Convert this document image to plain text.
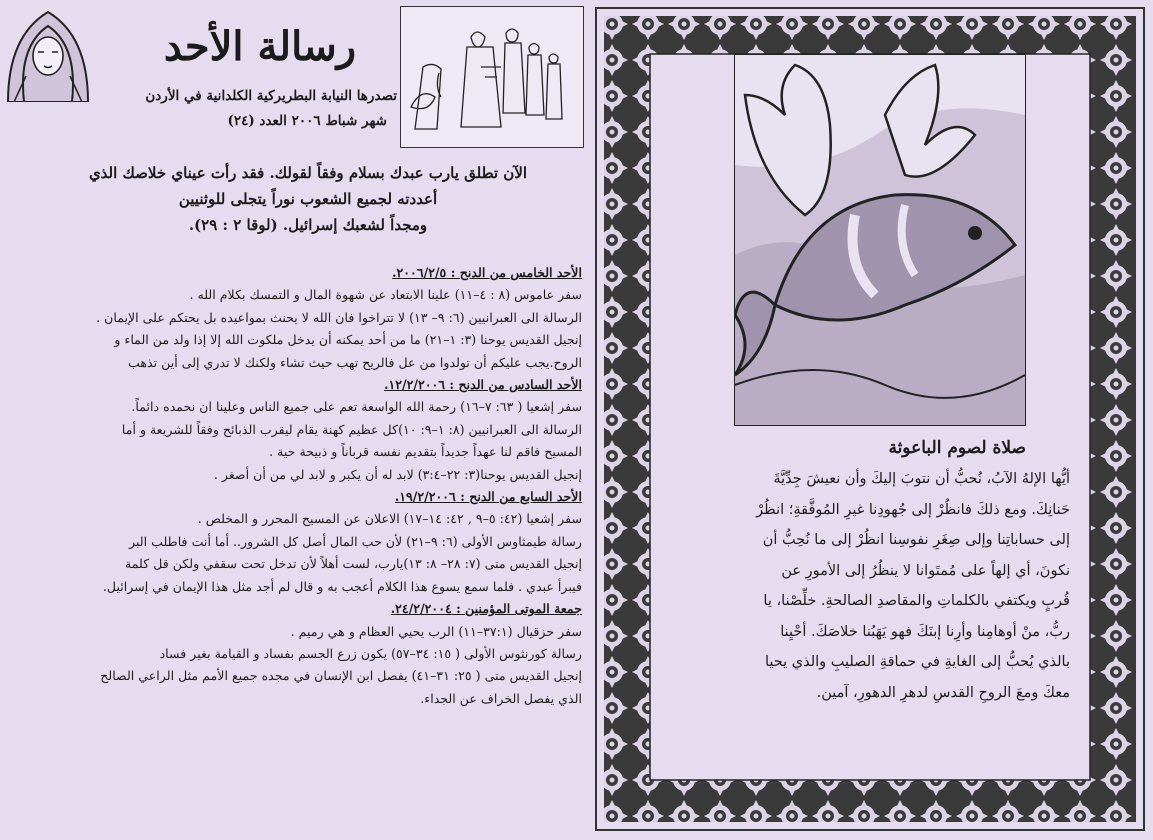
رسالة الأحد
تصدرها النيابة البطريركية الكلدانية في الأردن
شهر شباط ٢٠٠٦ العدد (٢٤)
الآن تطلق يارب عبدك بسلام وفقاً لقولك. فقد رأت عيناي خلاصك الذي
أعددته لجميع الشعوب نوراً يتجلى للوثنيين
ومجداً لشعبك إسرائيل. (لوقا ٢ : ٢٩).
الأحد الخامس من الدنح : ٢٠٠٦/٢/٥.
سفر عاموس (٨ : ٤–١١) علينا الابتعاد عن شهوة المال و التمسك بكلام الله .
الرسالة الى العبرانيين (٦: ٩– ١٣) لا تتراخوا فان الله لا يحنث بمواعيده بل يحتكم على الإيمان .
إنجيل القديس يوحنا (٣: ١–٢١) ما من أحد يمكنه أن يدخل ملكوت الله إلا إذا ولد من الماء و
الروح.يجب عليكم أن تولدوا من عل فالريح تهب حيث تشاء ولكنك لا تدري إلى أين تذهب
الأحد السادس من الدنح : ١٢/٢/٢٠٠٦.
سفر إشعيا ( ٦٣: ٧–١٦) رحمة الله الواسعة تعم على جميع الناس وعلينا ان نحمده دائماً.
الرسالة الى العبرانيين (٨: ١–٩: ١٠)كل عظيم كهنة يقام ليقرب الذبائح وفقاً للشريعة و أما
المسيح فاقم لنا عهداً جديداً بتقديم نفسه قرباناً و ذبيحة حية .
إنجيل القديس يوحنا(٣: ٢٢–٣:٤) لابد له أن يكبر و لابد لي من أن أصغر .
الأحد السابع من الدنح : ١٩/٢/٢٠٠٦.
سفر إشعيا (٤٢: ٥–٩ , ٤٢: ١٤–١٧) الاعلان عن المسيح المحرر و المخلص .
رسالة طيمثاوس الأولى (٦: ٩–٢١) لأن حب المال أصل كل الشرور.. أما أنت فاطلب البر
إنجيل القديس متى (٧: ٢٨– ٨: ١٣)يارب، لست أهلاً لأن تدخل تحت سقفي ولكن قل كلمة
فيبرأ عبدي . فلما سمع يسوع هذا الكلام أعجب به و قال لم أجد مثل هذا الإيمان في إسرائيل.
جمعة الموتى المؤمنين : ٢٤/٢/٢٠٠٤.
سفر حزقيال (٣٧:١–١١) الرب يحيي العظام و هي رميم .
رسالة كورنثوس الأولى ( ١٥: ٣٤–٥٧) يكون زرع الجسم بفساد و القيامة بغير فساد
إنجيل القديس متى ( ٢٥: ٣١–٤١) يفصل ابن الإنسان في مجده جميع الأمم مثل الراعي الصالح
الذي يفصل الخراف عن الجداء.
صلاة لصوم الباعوثة
أيُّها الإلهُ الآبُ، نُحبُّ أن نتوبَ إليكَ وأن نعيشَ جِدِّيَّةَ
حَنانِكَ. ومع ذلكَ فانظُرْ إلى جُهودِنا غيرِ المُوفَّقةِ؛ انظُرْ
إلى حساباتِنا وإلى صِغَرِ نفوسِنا انظُرْ إلى ما نُحِبُّ أن
نكونَ، أي إلهاً على مُمتَوانا لا ينظُرُ إلى الأمورِ عن
قُربٍ ويكتفي بالكلماتِ والمقاصدِ الصالحةِ. خلِّصْنا، يا
ربُّ، منْ أوهامِنا وأرِنا إبنَكَ فهو يَهَبُنا خلاصَكَ. أحْيِنا
بالذي يُحبُّ إلى الغايةِ في حماقةِ الصليبِ والذي يحيا
معكَ ومعَ الروحِ القدسِ لدهرِ الدهورِ، آمين.
